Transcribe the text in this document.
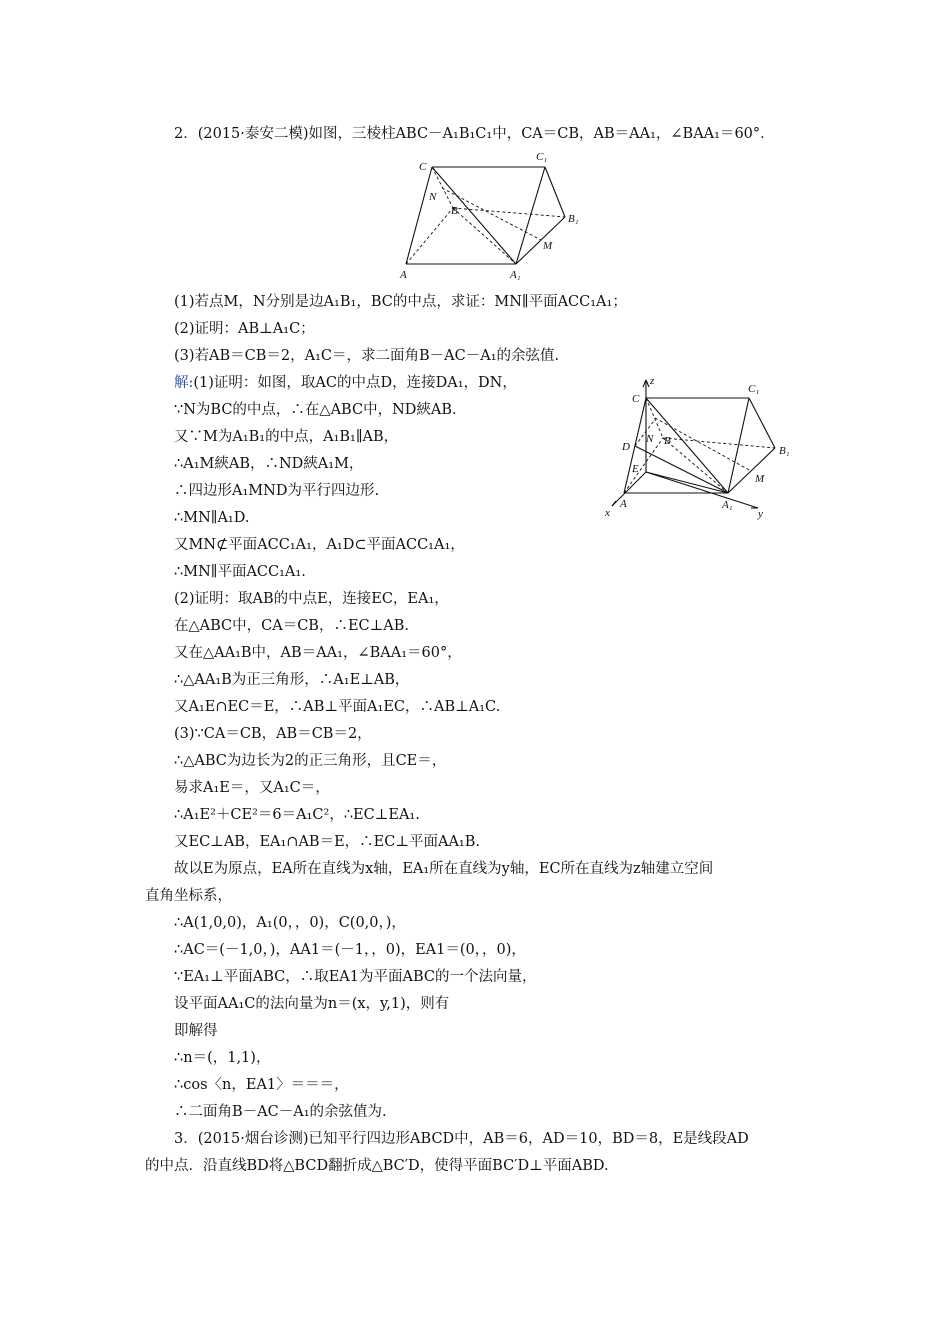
2．(2015·泰安二模)如图，三棱柱ABC－A₁B₁C₁中，CA＝CB，AB＝AA₁，∠BAA₁＝60°．
C
C₁
N
B
B₁
M
A	A₁
(1)若点M，N分别是边A₁B₁，BC的中点，求证：MN∥平面ACC₁A₁；
(2)证明：AB⊥A₁C；
(3)若AB＝CB＝2，A₁C＝，求二面角B－AC－A₁的余弦值.
z
C
C₁
D
N B
B₁
E
M
A	A₁
x	y
解:(1)证明：如图，取AC的中点D，连接DA₁，DN，
∵N为BC的中点，∴在△ABC中，ND綊AB.
又∵M为A₁B₁的中点，A₁B₁∥AB，
∴A₁M綊AB，∴ND綊A₁M，
∴四边形A₁MND为平行四边形.
∴MN∥A₁D.
又MN⊄平面ACC₁A₁，A₁D⊂平面ACC₁A₁，
∴MN∥平面ACC₁A₁.
(2)证明：取AB的中点E，连接EC，EA₁，
在△ABC中，CA＝CB，∴EC⊥AB.
又在△AA₁B中，AB＝AA₁，∠BAA₁＝60°，
∴△AA₁B为正三角形，∴A₁E⊥AB，
又A₁E∩EC＝E，∴AB⊥平面A₁EC，∴AB⊥A₁C.
(3)∵CA＝CB，AB＝CB＝2，
∴△ABC为边长为2的正三角形，且CE＝，
易求A₁E＝，又A₁C＝，
∴A₁E²＋CE²＝6＝A₁C²，∴EC⊥EA₁.
又EC⊥AB，EA₁∩AB＝E，∴EC⊥平面AA₁B.
故以E为原点，EA所在直线为x轴，EA₁所在直线为y轴，EC所在直线为z轴建立空间
直角坐标系，
∴A(1,0,0)，A₁(0，，0)，C(0,0，)，
∴AC＝(－1,0，)，AA1＝(－1，，0)，EA1＝(0，，0)，
∵EA₁⊥平面ABC，∴取EA1为平面ABC的一个法向量，
设平面AA₁C的法向量为n＝(x，y,1)，则有
即解得
∴n＝(，1,1)，
∴cos〈n，EA1〉＝＝＝，
∴二面角B－AC－A₁的余弦值为.
3．(2015·烟台诊测)已知平行四边形ABCD中，AB＝6，AD＝10，BD＝8，E是线段AD
的中点．沿直线BD将△BCD翻折成△BC′D，使得平面BC′D⊥平面ABD.
